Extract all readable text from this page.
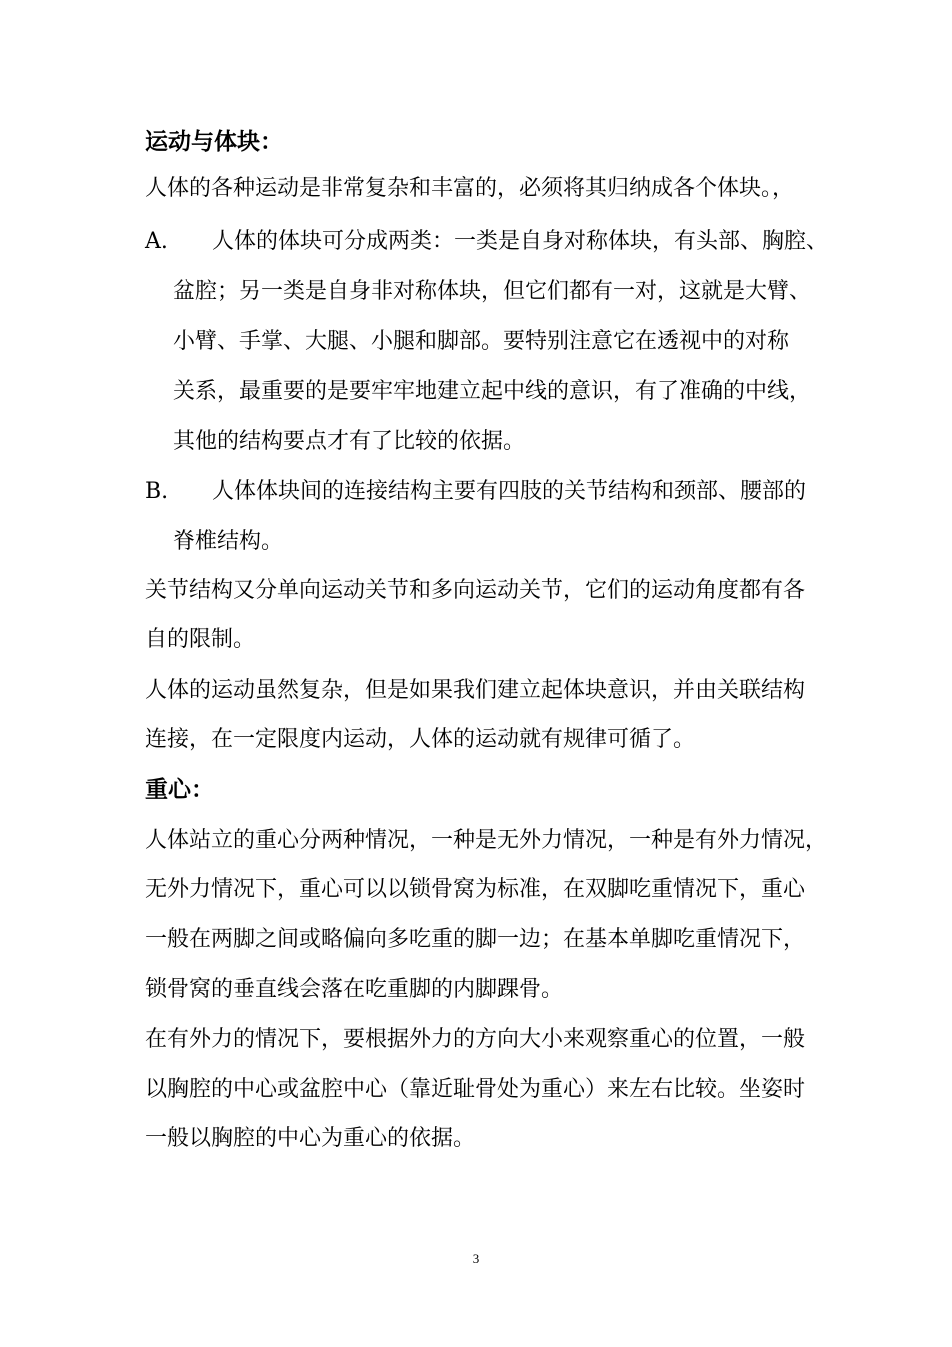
运动与体块：
人体的各种运动是非常复杂和丰富的，必须将其归纳成各个体块。，
A. 人体的体块可分成两类：一类是自身对称体块，有头部、胸腔、
盆腔；另一类是自身非对称体块，但它们都有一对，这就是大臂、
小臂、手掌、大腿、小腿和脚部。要特别注意它在透视中的对称
关系，最重要的是要牢牢地建立起中线的意识，有了准确的中线，
其他的结构要点才有了比较的依据。
B. 人体体块间的连接结构主要有四肢的关节结构和颈部、腰部的
脊椎结构。
关节结构又分单向运动关节和多向运动关节，它们的运动角度都有各
自的限制。
人体的运动虽然复杂，但是如果我们建立起体块意识，并由关联结构
连接，在一定限度内运动，人体的运动就有规律可循了。
重心：
人体站立的重心分两种情况，一种是无外力情况，一种是有外力情况，
无外力情况下，重心可以以锁骨窝为标准，在双脚吃重情况下，重心
一般在两脚之间或略偏向多吃重的脚一边；在基本单脚吃重情况下，
锁骨窝的垂直线会落在吃重脚的内脚踝骨。
在有外力的情况下，要根据外力的方向大小来观察重心的位置，一般
以胸腔的中心或盆腔中心（靠近耻骨处为重心）来左右比较。坐姿时
一般以胸腔的中心为重心的依据。
3
